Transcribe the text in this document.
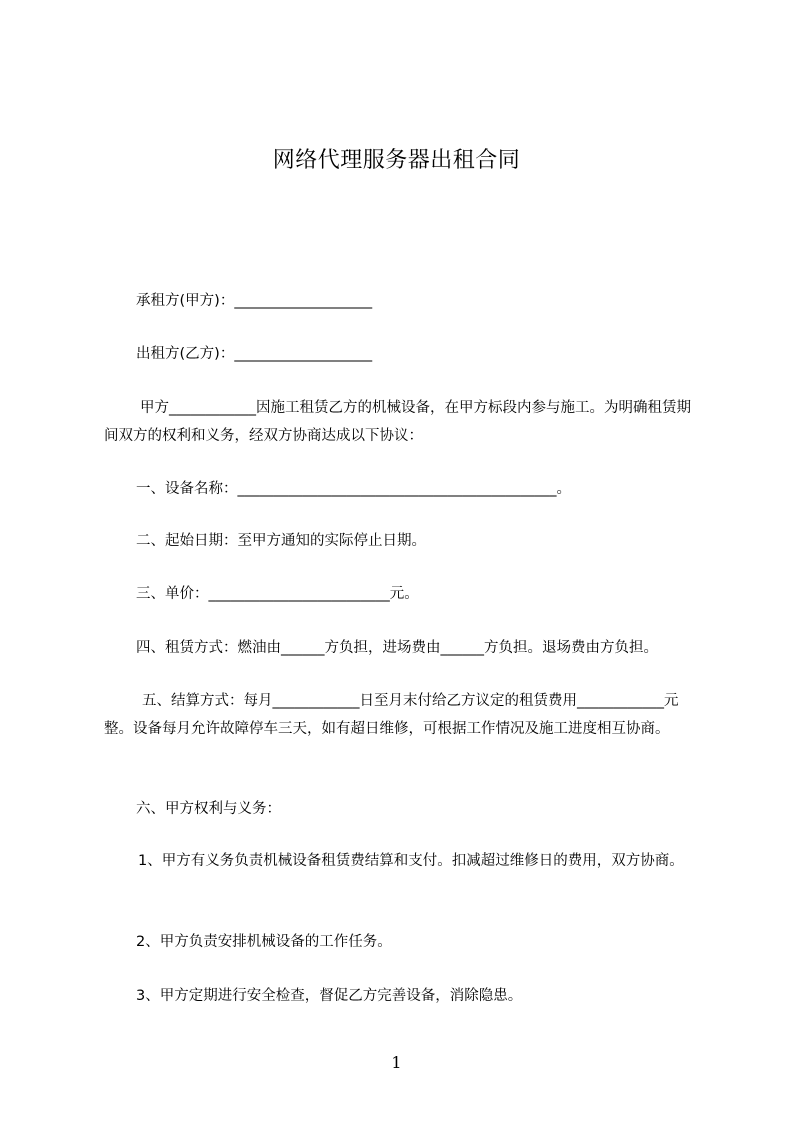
网络代理服务器出租合同
承租方(甲方)：___________________
出租方(乙方)：___________________
甲方____________因施工租赁乙方的机械设备，在甲方标段内参与施工。为明确租赁期间双方的权利和义务，经双方协商达成以下协议：
一、设备名称：____________________________________________。
二、起始日期：至甲方通知的实际停止日期。
三、单价：_________________________元。
四、租赁方式：燃油由______方负担，进场费由______方负担。退场费由方负担。
五、结算方式：每月____________日至月末付给乙方议定的租赁费用____________元整。设备每月允许故障停车三天，如有超日维修，可根据工作情况及施工进度相互协商。
六、甲方权利与义务：
1、甲方有义务负责机械设备租赁费结算和支付。扣减超过维修日的费用，双方协商。
2、甲方负责安排机械设备的工作任务。
3、甲方定期进行安全检查，督促乙方完善设备，消除隐患。
1
